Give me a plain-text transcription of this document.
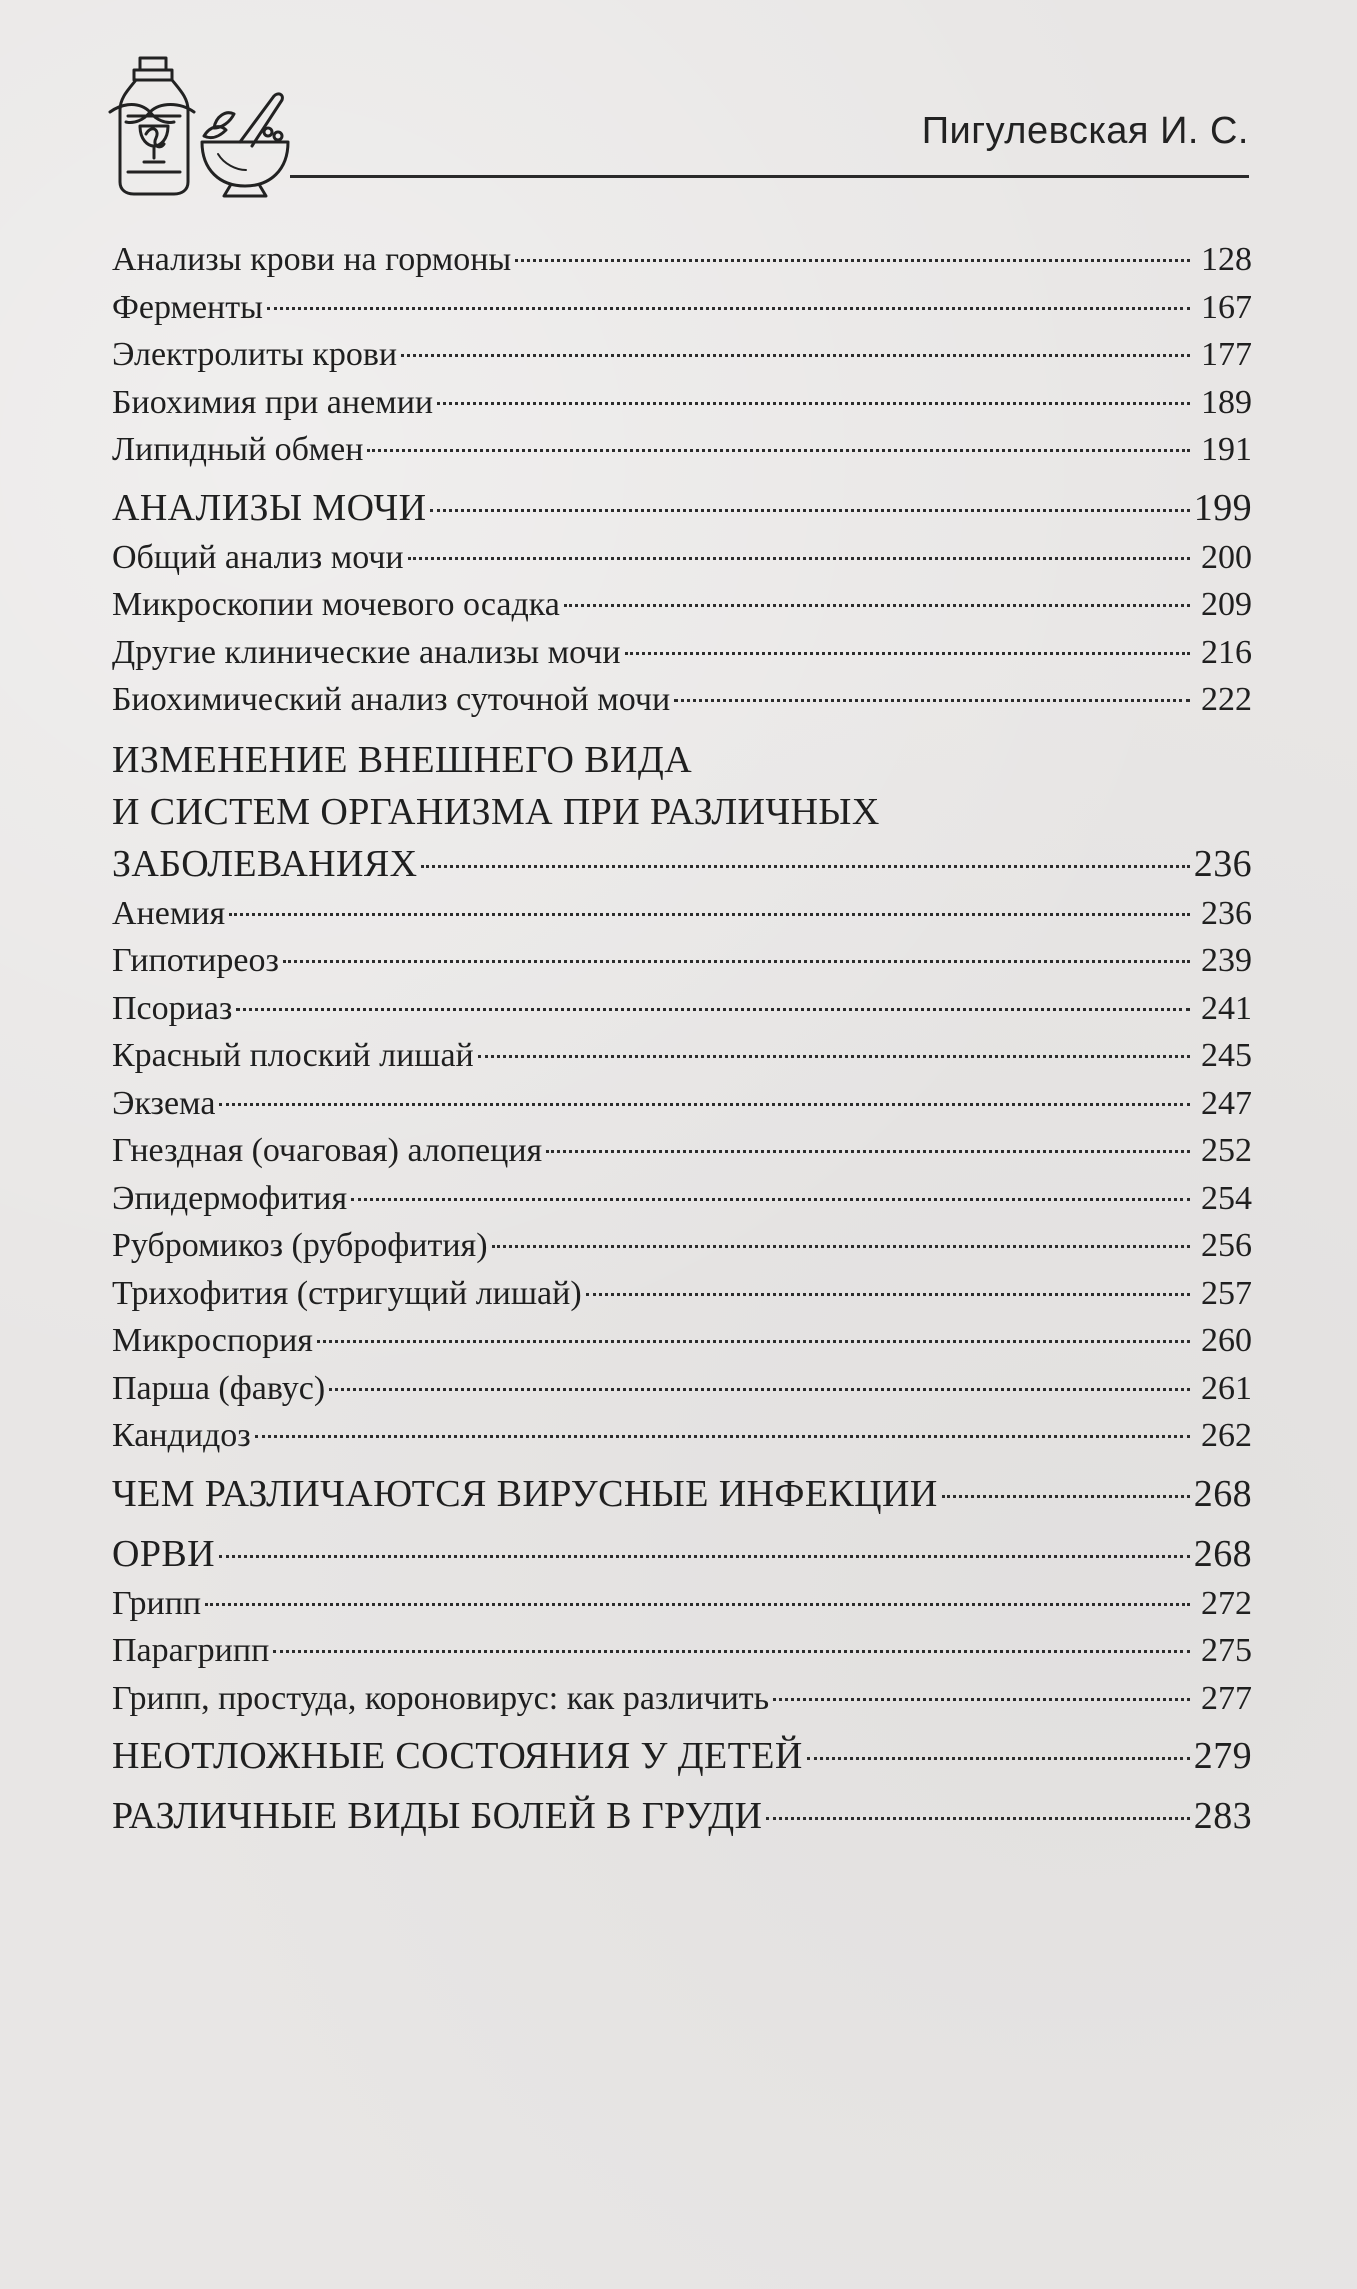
Пигулевская И. С.
Анализы крови на гормоны	128
Ферменты	167
Электролиты крови	177
Биохимия при анемии	189
Липидный обмен	191
АНАЛИЗЫ МОЧИ	199
Общий анализ мочи	200
Микроскопии мочевого осадка	209
Другие клинические анализы мочи	216
Биохимический анализ суточной мочи	222
ИЗМЕНЕНИЕ ВНЕШНЕГО ВИДА
И СИСТЕМ ОРГАНИЗМА ПРИ РАЗЛИЧНЫХ
ЗАБОЛЕВАНИЯХ	236
Анемия	236
Гипотиреоз	239
Псориаз	241
Красный плоский лишай	245
Экзема	247
Гнездная (очаговая) алопеция	252
Эпидермофития	254
Рубромикоз (руброфития)	256
Трихофития (стригущий лишай)	257
Микроспория	260
Парша (фавус)	261
Кандидоз	262
ЧЕМ РАЗЛИЧАЮТСЯ ВИРУСНЫЕ ИНФЕКЦИИ	268
ОРВИ	268
Грипп	272
Парагрипп	275
Грипп, простуда, короновирус: как различить	277
НЕОТЛОЖНЫЕ СОСТОЯНИЯ У ДЕТЕЙ	279
РАЗЛИЧНЫЕ ВИДЫ БОЛЕЙ В ГРУДИ	283
